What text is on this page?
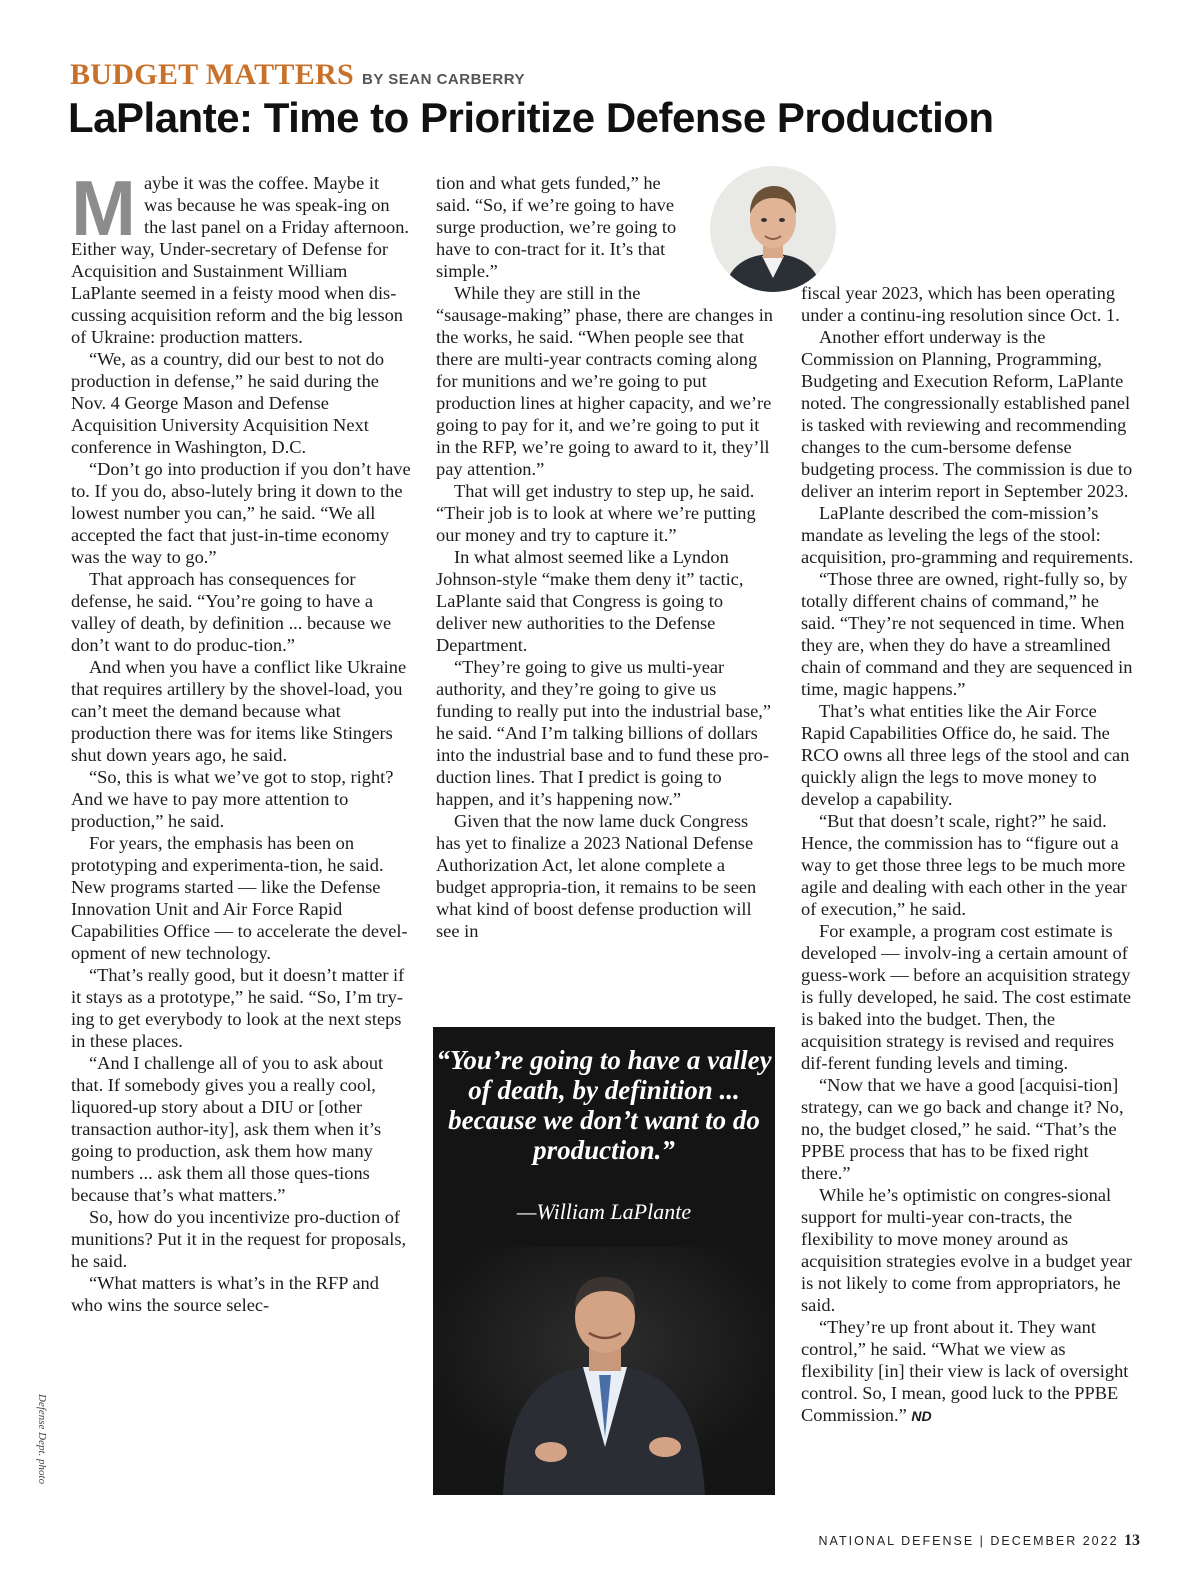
BUDGET MATTERS BY SEAN CARBERRY
LaPlante: Time to Prioritize Defense Production

Maybe it was the coffee. Maybe it was because he was speak-ing on the last panel on a Friday afternoon. Either way, Under-secretary of Defense for Acquisition and Sustainment William LaPlante seemed in a feisty mood when dis-cussing acquisition reform and the big lesson of Ukraine: production matters.

“We, as a country, did our best to not do production in defense,” he said during the Nov. 4 George Mason and Defense Acquisition University Acquisition Next conference in Washington, D.C.

“Don’t go into production if you don’t have to. If you do, abso-lutely bring it down to the lowest number you can,” he said. “We all accepted the fact that just-in-time economy was the way to go.”

That approach has consequences for defense, he said. “You’re going to have a valley of death, by definition ... because we don’t want to do produc-tion.”

And when you have a conflict like Ukraine that requires artillery by the shovel-load, you can’t meet the demand because what production there was for items like Stingers shut down years ago, he said.

“So, this is what we’ve got to stop, right? And we have to pay more attention to production,” he said.

For years, the emphasis has been on prototyping and experimenta-tion, he said. New programs started — like the Defense Innovation Unit and Air Force Rapid Capabilities Office — to accelerate the devel-opment of new technology.

“That’s really good, but it doesn’t matter if it stays as a prototype,” he said. “So, I’m try-ing to get everybody to look at the next steps in these places.

“And I challenge all of you to ask about that. If somebody gives you a really cool, liquored-up story about a DIU or [other transaction author-ity], ask them when it’s going to production, ask them how many numbers ... ask them all those ques-tions because that’s what matters.”

So, how do you incentivize pro-duction of munitions? Put it in the request for proposals, he said.

“What matters is what’s in the RFP and who wins the source selec-

tion and what gets funded,” he said. “So, if we’re going to have surge production, we’re going to have to con-tract for it. It’s that simple.”

While they are still in the “sausage-making” phase, there are changes in the works, he said. “When people see that there are multi-year contracts coming along for munitions and we’re going to put production lines at higher capacity, and we’re going to pay for it, and we’re going to put it in the RFP, we’re going to award to it, they’ll pay attention.”

That will get industry to step up, he said. “Their job is to look at where we’re putting our money and try to capture it.”

In what almost seemed like a Lyndon Johnson-style “make them deny it” tactic, LaPlante said that Congress is going to deliver new authorities to the Defense Department.

“They’re going to give us multi-year authority, and they’re going to give us funding to really put into the industrial base,” he said. “And I’m talking billions of dollars into the industrial base and to fund these pro-duction lines. That I predict is going to happen, and it’s happening now.”

Given that the now lame duck Congress has yet to finalize a 2023 National Defense Authorization Act, let alone complete a budget appropria-tion, it remains to be seen what kind of boost defense production will see in

fiscal year 2023, which has been operating under a continu-ing resolution since Oct. 1.

Another effort underway is the Commission on Planning, Programming, Budgeting and Execution Reform, LaPlante noted. The congressionally established panel is tasked with reviewing and recommending changes to the cum-bersome defense budgeting process. The commission is due to deliver an interim report in September 2023.

LaPlante described the com-mission’s mandate as leveling the legs of the stool: acquisition, pro-gramming and requirements.

“Those three are owned, right-fully so, by totally different chains of command,” he said. “They’re not sequenced in time. When they are, when they do have a streamlined chain of command and they are sequenced in time, magic happens.”

That’s what entities like the Air Force Rapid Capabilities Office do, he said. The RCO owns all three legs of the stool and can quickly align the legs to move money to develop a capability.

“But that doesn’t scale, right?” he said. Hence, the commission has to “figure out a way to get those three legs to be much more agile and dealing with each other in the year of execution,” he said.

For example, a program cost estimate is developed — involv-ing a certain amount of guess-work — before an acquisition strategy is fully developed, he said. The cost estimate is baked into the budget. Then, the acquisition strategy is revised and requires dif-ferent funding levels and timing.

“Now that we have a good [acquisi-tion] strategy, can we go back and change it? No, no, the budget closed,” he said. “That’s the PPBE process that has to be fixed right there.”

While he’s optimistic on congres-sional support for multi-year con-tracts, the flexibility to move money around as acquisition strategies evolve in a budget year is not likely to come from appropriators, he said.

“They’re up front about it. They want control,” he said. “What we view as flexibility [in] their view is lack of oversight control. So, I mean, good luck to the PPBE Commission.” ND

“You’re going to have a valley of death, by definition ... because we don’t want to do production.”
—William LaPlante
Defense Dept. photo
NATIONAL DEFENSE | DECEMBER 2022 13
